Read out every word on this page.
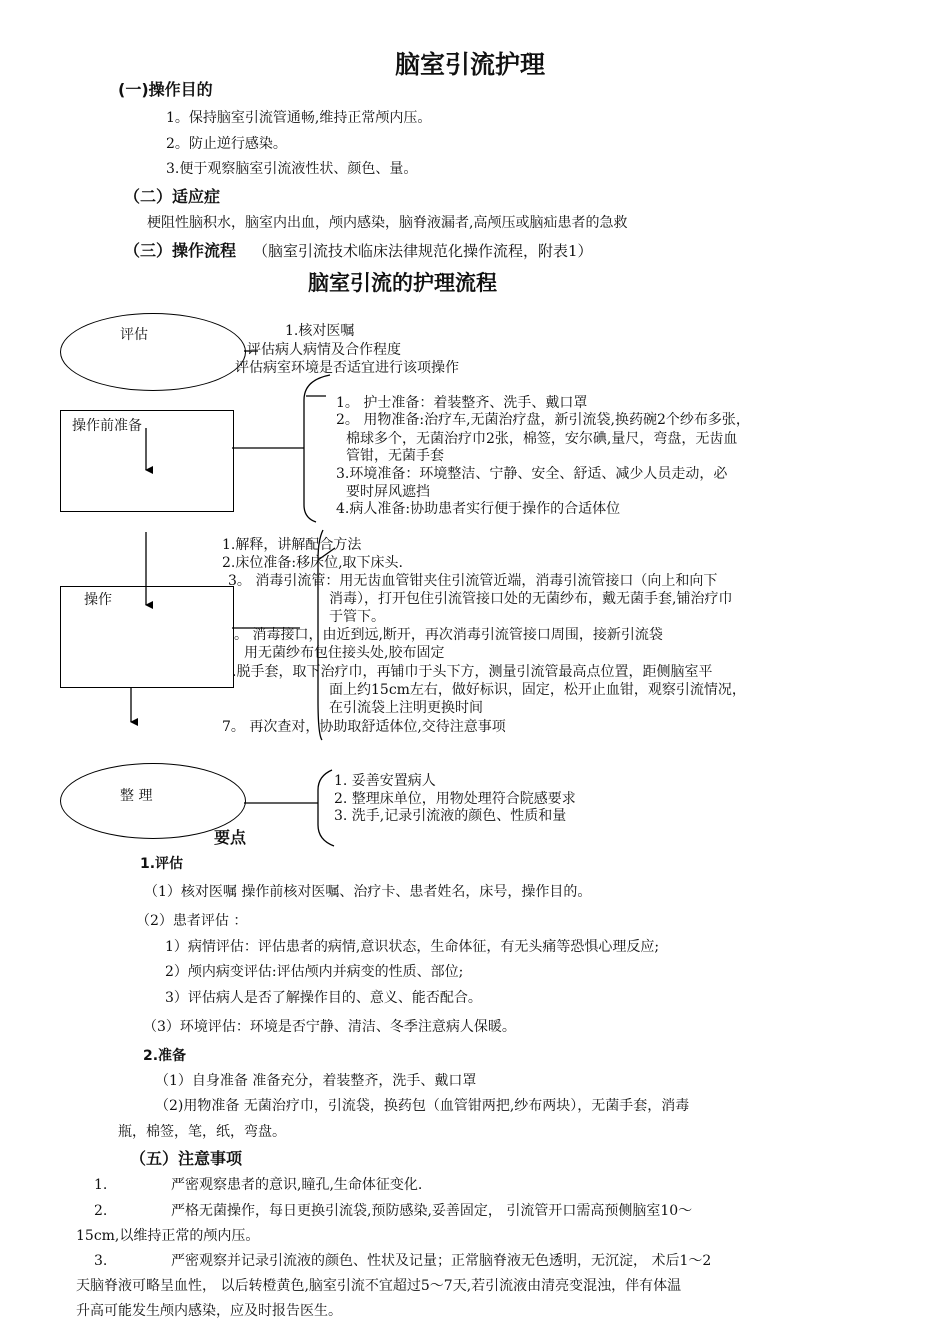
脑室引流护理
(一)操作目的
1。保持脑室引流管通畅,维持正常颅内压。
2。防止逆行感染。
3.便于观察脑室引流液性状、颜色、量。
（二）适应症
梗阻性脑积水，脑室内出血，颅内感染，脑脊液漏者,高颅压或脑疝患者的急救
（三）操作流程 （脑室引流技术临床法律规范化操作流程，附表1）
脑室引流的护理流程
评估
操作前准备
操作
整 理
1.核对医嘱
评估病人病情及合作程度
评估病室环境是否适宜进行该项操作
1。 护士准备：着装整齐、洗手、戴口罩
2。 用物准备:治疗车,无菌治疗盘，新引流袋,换药碗2个纱布多张，
棉球多个，无菌治疗巾2张，棉签，安尔碘,量尺，弯盘，无齿血
管钳，无菌手套
3.环境准备：环境整洁、宁静、安全、舒适、减少人员走动，必
要时屏风遮挡
4.病人准备:协助患者实行便于操作的合适体位
1.解释，讲解配合方法
2.床位准备:移床位,取下床头.
3。 消毒引流管：用无齿血管钳夹住引流管近端，消毒引流管接口（向上和向下
消毒），打开包住引流管接口处的无菌纱布，戴无菌手套,铺治疗巾
于管下。
。 消毒接口，由近到远,断开，再次消毒引流管接口周围，接新引流袋
用无菌纱布包住接头处,胶布固定
.脱手套，取下治疗巾，再铺巾于头下方，测量引流管最高点位置，距侧脑室平
面上约15cm左右，做好标识，固定，松开止血钳，观察引流情况，
在引流袋上注明更换时间
7。 再次查对，协助取舒适体位,交待注意事项
1. 妥善安置病人
2. 整理床单位，用物处理符合院感要求
3. 洗手,记录引流液的颜色、性质和量
要点
1.评估
（1）核对医嘱 操作前核对医嘱、治疗卡、患者姓名，床号，操作目的。
（2）患者评估 ：
1）病情评估：评估患者的病情,意识状态，生命体征，有无头痛等恐惧心理反应;
2）颅内病变评估:评估颅内并病变的性质、部位;
3）评估病人是否了解操作目的、意义、能否配合。
（3）环境评估：环境是否宁静、清洁、冬季注意病人保暖。
2.准备
（1）自身准备 准备充分，着装整齐，洗手、戴口罩
（2)用物准备 无菌治疗巾，引流袋，换药包（血管钳两把,纱布两块），无菌手套，消毒
瓶，棉签，笔，纸，弯盘。
（五）注意事项
1.	严密观察患者的意识,瞳孔,生命体征变化.
2.	严格无菌操作，每日更换引流袋,预防感染,妥善固定， 引流管开口需高预侧脑室10～
15cm,以维持正常的颅内压。
3.	严密观察并记录引流液的颜色、性状及记量；正常脑脊液无色透明，无沉淀， 术后1～2
天脑脊液可略呈血性， 以后转橙黄色,脑室引流不宜超过5～7天,若引流液由清亮变混浊，伴有体温
升高可能发生颅内感染，应及时报告医生。
